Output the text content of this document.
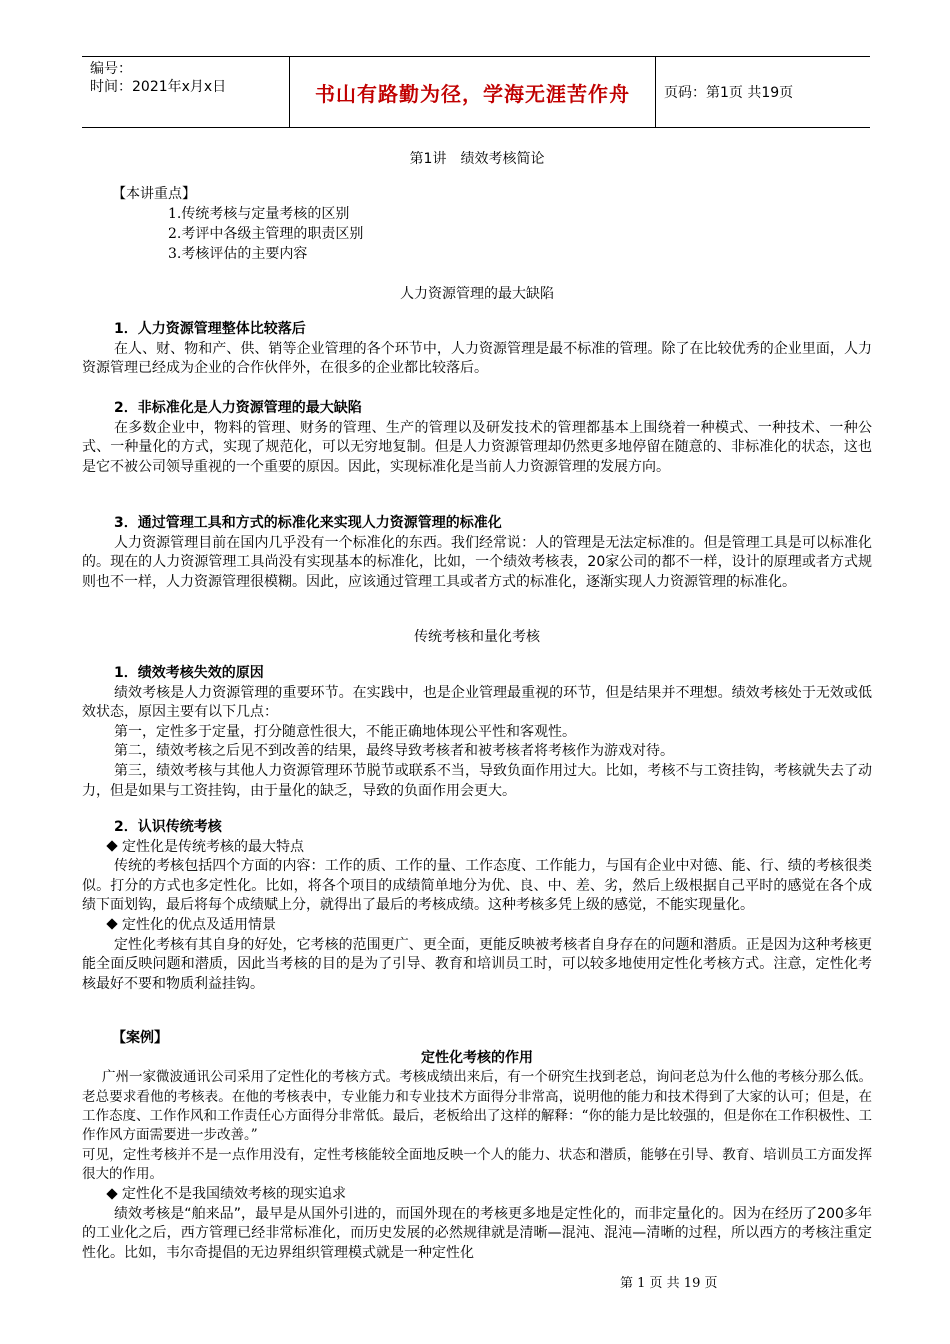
编号：
时间：2021年x月x日	书山有路勤为径，学海无涯苦作舟	页码：第1页 共19页
第1讲　绩效考核简论
【本讲重点】
1.传统考核与定量考核的区别
2.考评中各级主管理的职责区别
3.考核评估的主要内容
人力资源管理的最大缺陷

1．人力资源管理整体比较落后

在人、财、物和产、供、销等企业管理的各个环节中，人力资源管理是最不标准的管理。除了在比较优秀的企业里面，人力资源管理已经成为企业的合作伙伴外，在很多的企业都比较落后。

2．非标准化是人力资源管理的最大缺陷

在多数企业中，物料的管理、财务的管理、生产的管理以及研发技术的管理都基本上围绕着一种模式、一种技术、一种公式、一种量化的方式，实现了规范化，可以无穷地复制。但是人力资源管理却仍然更多地停留在随意的、非标准化的状态，这也是它不被公司领导重视的一个重要的原因。因此，实现标准化是当前人力资源管理的发展方向。

3．通过管理工具和方式的标准化来实现人力资源管理的标准化

人力资源管理目前在国内几乎没有一个标准化的东西。我们经常说：人的管理是无法定标准的。但是管理工具是可以标准化的。现在的人力资源管理工具尚没有实现基本的标准化，比如，一个绩效考核表，20家公司的都不一样，设计的原理或者方式规则也不一样，人力资源管理很模糊。因此，应该通过管理工具或者方式的标准化，逐渐实现人力资源管理的标准化。

传统考核和量化考核

1．绩效考核失效的原因

绩效考核是人力资源管理的重要环节。在实践中，也是企业管理最重视的环节，但是结果并不理想。绩效考核处于无效或低效状态，原因主要有以下几点：

第一，定性多于定量，打分随意性很大，不能正确地体现公平性和客观性。

第二，绩效考核之后见不到改善的结果，最终导致考核者和被考核者将考核作为游戏对待。

第三，绩效考核与其他人力资源管理环节脱节或联系不当，导致负面作用过大。比如，考核不与工资挂钩，考核就失去了动力，但是如果与工资挂钩，由于量化的缺乏，导致的负面作用会更大。

2．认识传统考核

定性化是传统考核的最大特点

传统的考核包括四个方面的内容：工作的质、工作的量、工作态度、工作能力，与国有企业中对德、能、行、绩的考核很类似。打分的方式也多定性化。比如，将各个项目的成绩简单地分为优、良、中、差、劣，然后上级根据自己平时的感觉在各个成绩下面划钩，最后将每个成绩赋上分，就得出了最后的考核成绩。这种考核多凭上级的感觉，不能实现量化。

定性化的优点及适用情景

定性化考核有其自身的好处，它考核的范围更广、更全面，更能反映被考核者自身存在的问题和潜质。正是因为这种考核更能全面反映问题和潜质，因此当考核的目的是为了引导、教育和培训员工时，可以较多地使用定性化考核方式。注意，定性化考核最好不要和物质利益挂钩。

【案例】

定性化考核的作用

广州一家微波通讯公司采用了定性化的考核方式。考核成绩出来后，有一个研究生找到老总，询问老总为什么他的考核分那么低。老总要求看他的考核表。在他的考核表中，专业能力和专业技术方面得分非常高，说明他的能力和技术得到了大家的认可；但是，在工作态度、工作作风和工作责任心方面得分非常低。最后，老板给出了这样的解释：“你的能力是比较强的，但是你在工作积极性、工作作风方面需要进一步改善。”

可见，定性考核并不是一点作用没有，定性考核能较全面地反映一个人的能力、状态和潜质，能够在引导、教育、培训员工方面发挥很大的作用。

定性化不是我国绩效考核的现实追求

绩效考核是“舶来品”，最早是从国外引进的，而国外现在的考核更多地是定性化的，而非定量化的。因为在经历了200多年的工业化之后，西方管理已经非常标准化，而历史发展的必然规律就是清晰—混沌、混沌—清晰的过程，所以西方的考核注重定性化。比如，韦尔奇提倡的无边界组织管理模式就是一种定性化

第 1 页 共 19 页
